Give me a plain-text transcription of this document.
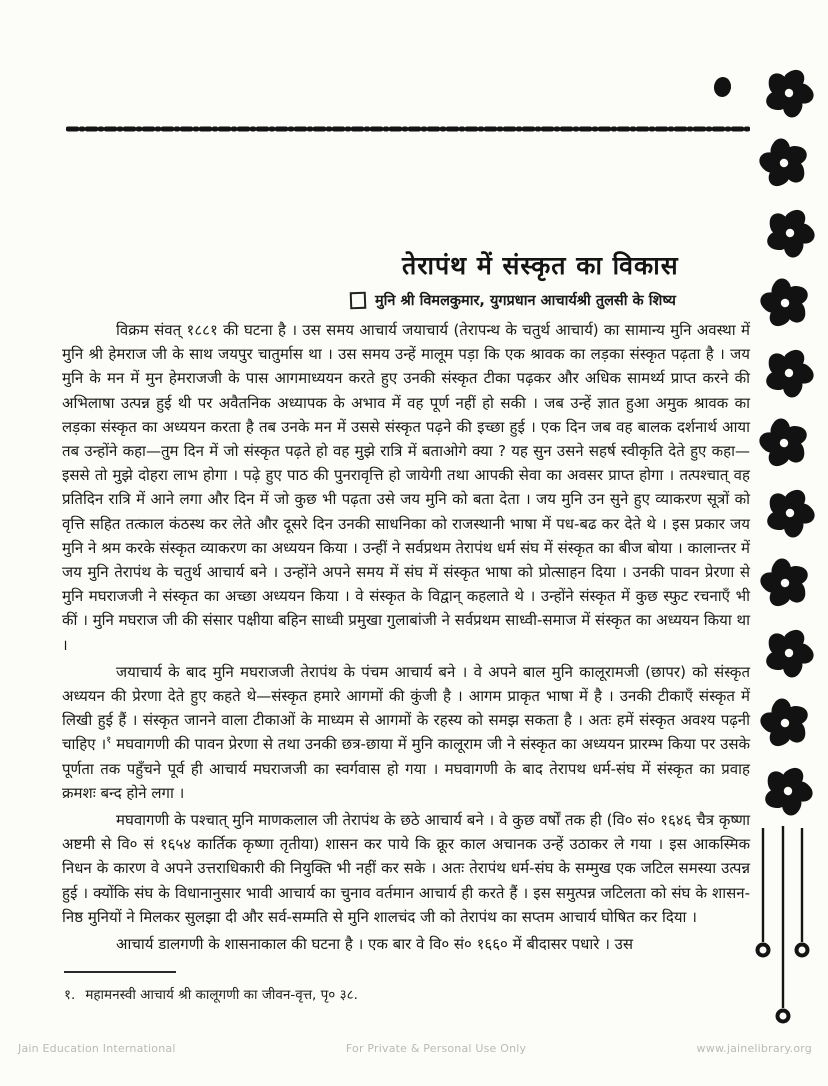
तेरापंथ में संस्कृत का विकास
मुनि श्री विमलकुमार, युगप्रधान आचार्यश्री तुलसी के शिष्य

विक्रम संवत् १८८१ की घटना है । उस समय आचार्य जयाचार्य (तेरापन्थ के चतुर्थ आचार्य) का सामान्य मुनि अवस्था में मुनि श्री हेमराज जी के साथ जयपुर चातुर्मास था । उस समय उन्हें मालूम पड़ा कि एक श्रावक का लड़का संस्कृत पढ़ता है । जय मुनि के मन में मुन हेमराजजी के पास आगमाध्ययन करते हुए उनकी संस्कृत टीका पढ़कर और अधिक सामर्थ्य प्राप्त करने की अभिलाषा उत्पन्न हुई थी पर अवैतनिक अध्यापक के अभाव में वह पूर्ण नहीं हो सकी । जब उन्हें ज्ञात हुआ अमुक श्रावक का लड़का संस्कृत का अध्ययन करता है तब उनके मन में उससे संस्कृत पढ़ने की इच्छा हुई । एक दिन जब वह बालक दर्शनार्थ आया तब उन्होंने कहा—तुम दिन में जो संस्कृत पढ़ते हो वह मुझे रात्रि में बताओगे क्या ? यह सुन उसने सहर्ष स्वीकृति देते हुए कहा—इससे तो मुझे दोहरा लाभ होगा । पढ़े हुए पाठ की पुनरावृत्ति हो जायेगी तथा आपकी सेवा का अवसर प्राप्त होगा । तत्पश्चात् वह प्रतिदिन रात्रि में आने लगा और दिन में जो कुछ भी पढ़ता उसे जय मुनि को बता देता । जय मुनि उन सुने हुए व्याकरण सूत्रों को वृत्ति सहित तत्काल कंठस्थ कर लेते और दूसरे दिन उनकी साधनिका को राजस्थानी भाषा में पध-बढ कर देते थे । इस प्रकार जय मुनि ने श्रम करके संस्कृत व्याकरण का अध्ययन किया । उन्हीं ने सर्वप्रथम तेरापंथ धर्म संघ में संस्कृत का बीज बोया । कालान्तर में जय मुनि तेरापंथ के चतुर्थ आचार्य बने । उन्होंने अपने समय में संघ में संस्कृत भाषा को प्रोत्साहन दिया । उनकी पावन प्रेरणा से मुनि मघराजजी ने संस्कृत का अच्छा अध्ययन किया । वे संस्कृत के विद्वान् कहलाते थे । उन्होंने संस्कृत में कुछ स्फुट रचनाएँ भी कीं । मुनि मघराज जी की संसार पक्षीया बहिन साध्वी प्रमुखा गुलाबांजी ने सर्वप्रथम साध्वी-समाज में संस्कृत का अध्ययन किया था ।

जयाचार्य के बाद मुनि मघराजजी तेरापंथ के पंचम आचार्य बने । वे अपने बाल मुनि कालूरामजी (छापर) को संस्कृत अध्ययन की प्रेरणा देते हुए कहते थे—संस्कृत हमारे आगमों की कुंजी है । आगम प्राकृत भाषा में है । उनकी टीकाएँ संस्कृत में लिखी हुई हैं । संस्कृत जानने वाला टीकाओं के माध्यम से आगमों के रहस्य को समझ सकता है । अतः हमें संस्कृत अवश्य पढ़नी चाहिए ।$^१$ मघवागणी की पावन प्रेरणा से तथा उनकी छत्र-छाया में मुनि कालूराम जी ने संस्कृत का अध्ययन प्रारम्भ किया पर उसके पूर्णता तक पहुँचने पूर्व ही आचार्य मघराजजी का स्वर्गवास हो गया । मघवागणी के बाद तेरापथ धर्म-संघ में संस्कृत का प्रवाह क्रमशः बन्द होने लगा ।

मघवागणी के पश्चात् मुनि माणकलाल जी तेरापंथ के छठे आचार्य बने । वे कुछ वर्षों तक ही (वि० सं० १६४६ चैत्र कृष्णा अष्टमी से वि० सं १६५४ कार्तिक कृष्णा तृतीया) शासन कर पाये कि क्रूर काल अचानक उन्हें उठाकर ले गया । इस आकस्मिक निधन के कारण वे अपने उत्तराधिकारी की नियुक्ति भी नहीं कर सके । अतः तेरापंथ धर्म-संघ के सम्मुख एक जटिल समस्या उत्पन्न हुई । क्योंकि संघ के विधानानुसार भावी आचार्य का चुनाव वर्तमान आचार्य ही करते हैं । इस समुत्पन्न जटिलता को संघ के शासन-निष्ठ मुनियों ने मिलकर सुलझा दी और सर्व-सम्मति से मुनि शालचंद जी को तेरापंथ का सप्तम आचार्य घोषित कर दिया ।

आचार्य डालगणी के शासनाकाल की घटना है । एक बार वे वि० सं० १६६० में बीदासर पधारे । उस

१. महामनस्वी आचार्य श्री कालूगणी का जीवन-वृत्त, पृ० ३८.
Jain Education International	For Private & Personal Use Only	www.jainelibrary.org
